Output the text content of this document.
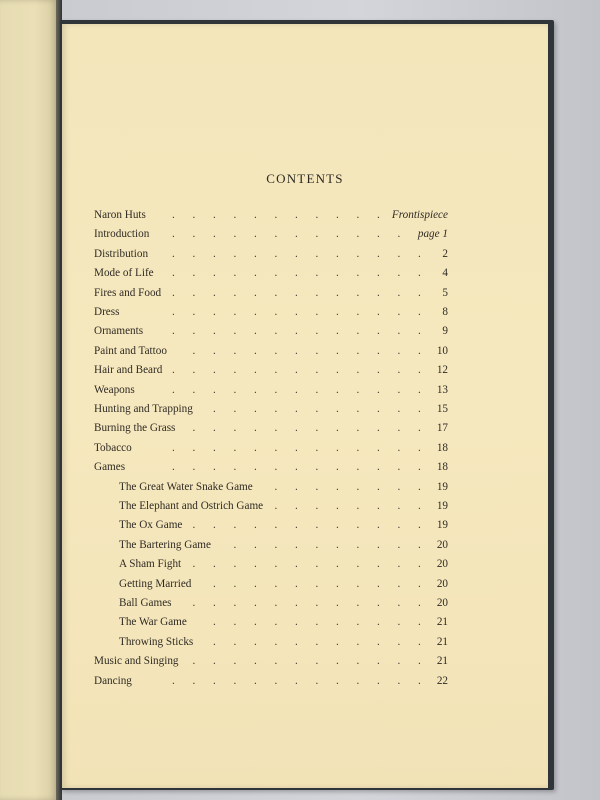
CONTENTS
Naron Huts . . . . . . . . . . . Frontispiece
Introduction . . . . . . . . . . . . page 1
Distribution . . . . . . . . . . . . . 2
Mode of Life . . . . . . . . . . . . . 4
Fires and Food . . . . . . . . . . . . . 5
Dress	. . . . . . . . . . . . . 8
Ornaments	. . . . . . . . . . . . . 9
Paint and Tattoo . . . . . . . . . . . . 10
Hair and Beard . . . . . . . . . . . . . 12
Weapons	. . . . . . . . . . . . . 13
Hunting and Trapping . . . . . . . . . . . 15
Burning the Grass . . . . . . . . . . . . 17
Tobacco	. . . . . . . . . . . . . 18
Games	. . . . . . . . . . . . . 18
The Great Water Snake Game . . . . . . . . 19
The Elephant and Ostrich Game . . . . . . . . 19
The Ox Game . . . . . . . . . . . . 19
The Bartering Game . . . . . . . . . . 20
A Sham Fight . . . . . . . . . . . . 20
Getting Married . . . . . . . . . . . 20
Ball Games . . . . . . . . . . . . 20
The War Game . . . . . . . . . . . 21
Throwing Sticks . . . . . . . . . . . 21
Music and Singing . . . . . . . . . . . . 21
Dancing	. . . . . . . . . . . . . 22
